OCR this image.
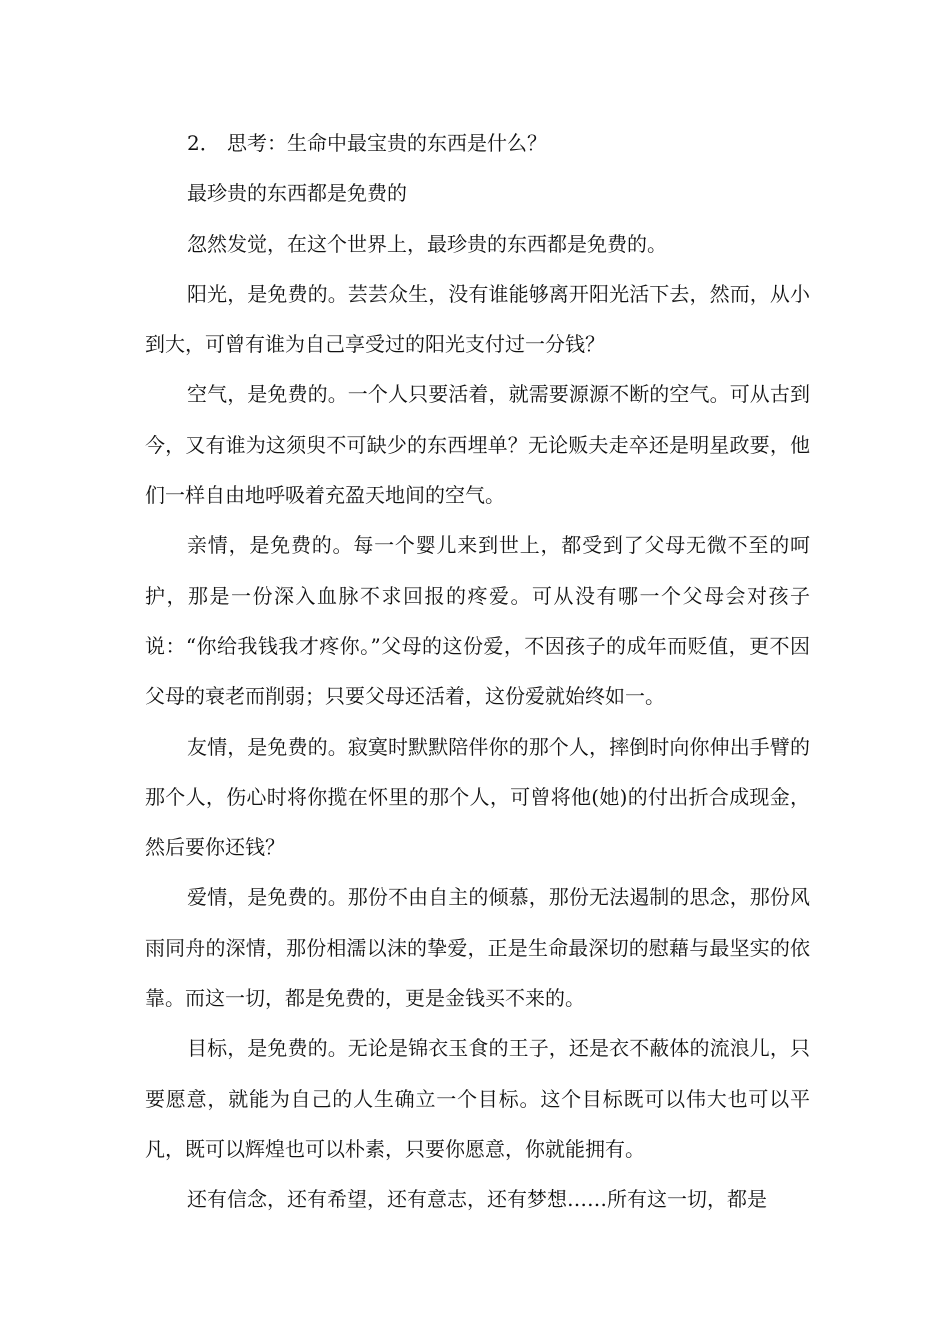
2． 思考：生命中最宝贵的东西是什么？

最珍贵的东西都是免费的

忽然发觉，在这个世界上，最珍贵的东西都是免费的。

阳光，是免费的。芸芸众生，没有谁能够离开阳光活下去，然而，从小到大，可曾有谁为自己享受过的阳光支付过一分钱？

空气，是免费的。一个人只要活着，就需要源源不断的空气。可从古到今，又有谁为这须臾不可缺少的东西埋单？无论贩夫走卒还是明星政要，他们一样自由地呼吸着充盈天地间的空气。

亲情，是免费的。每一个婴儿来到世上，都受到了父母无微不至的呵护，那是一份深入血脉不求回报的疼爱。可从没有哪一个父母会对孩子说：“你给我钱我才疼你。”父母的这份爱，不因孩子的成年而贬值，更不因父母的衰老而削弱；只要父母还活着，这份爱就始终如一。

友情，是免费的。寂寞时默默陪伴你的那个人，摔倒时向你伸出手臂的那个人，伤心时将你揽在怀里的那个人，可曾将他(她)的付出折合成现金，然后要你还钱？

爱情，是免费的。那份不由自主的倾慕，那份无法遏制的思念，那份风雨同舟的深情，那份相濡以沫的挚爱，正是生命最深切的慰藉与最坚实的依靠。而这一切，都是免费的，更是金钱买不来的。

目标，是免费的。无论是锦衣玉食的王子，还是衣不蔽体的流浪儿，只要愿意，就能为自己的人生确立一个目标。这个目标既可以伟大也可以平凡，既可以辉煌也可以朴素，只要你愿意，你就能拥有。

还有信念，还有希望，还有意志，还有梦想……所有这一切，都是
